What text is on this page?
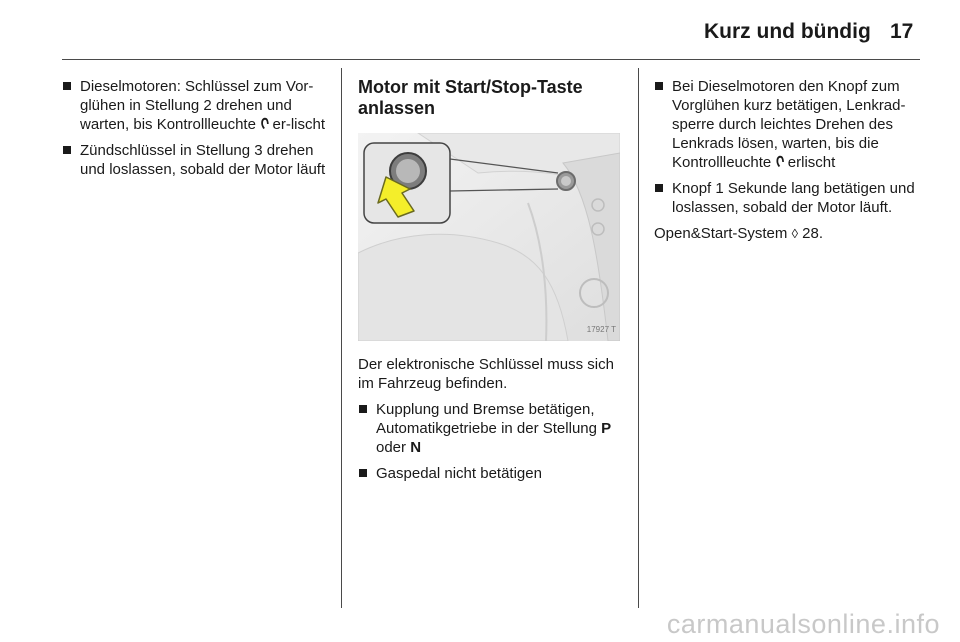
Kurz und bündig 17
Dieselmotoren: Schlüssel zum Vor-glühen in Stellung 2 drehen und warten, bis Kontrollleuchte ᢉ er-lischt
Zündschlüssel in Stellung 3 drehen und loslassen, sobald der Motor läuft
Motor mit Start/Stop-Taste anlassen
17927 T
Der elektronische Schlüssel muss sich im Fahrzeug befinden.
Kupplung und Bremse betätigen, Automatikgetriebe in der Stellung P oder N
Gaspedal nicht betätigen
Bei Dieselmotoren den Knopf zum Vorglühen kurz betätigen, Lenkrad-sperre durch leichtes Drehen des Lenkrads lösen, warten, bis die Kontrollleuchte ᢉ erlischt
Knopf 1 Sekunde lang betätigen und loslassen, sobald der Motor läuft.
Open&Start-System ◊ 28.
carmanualsonline.info
